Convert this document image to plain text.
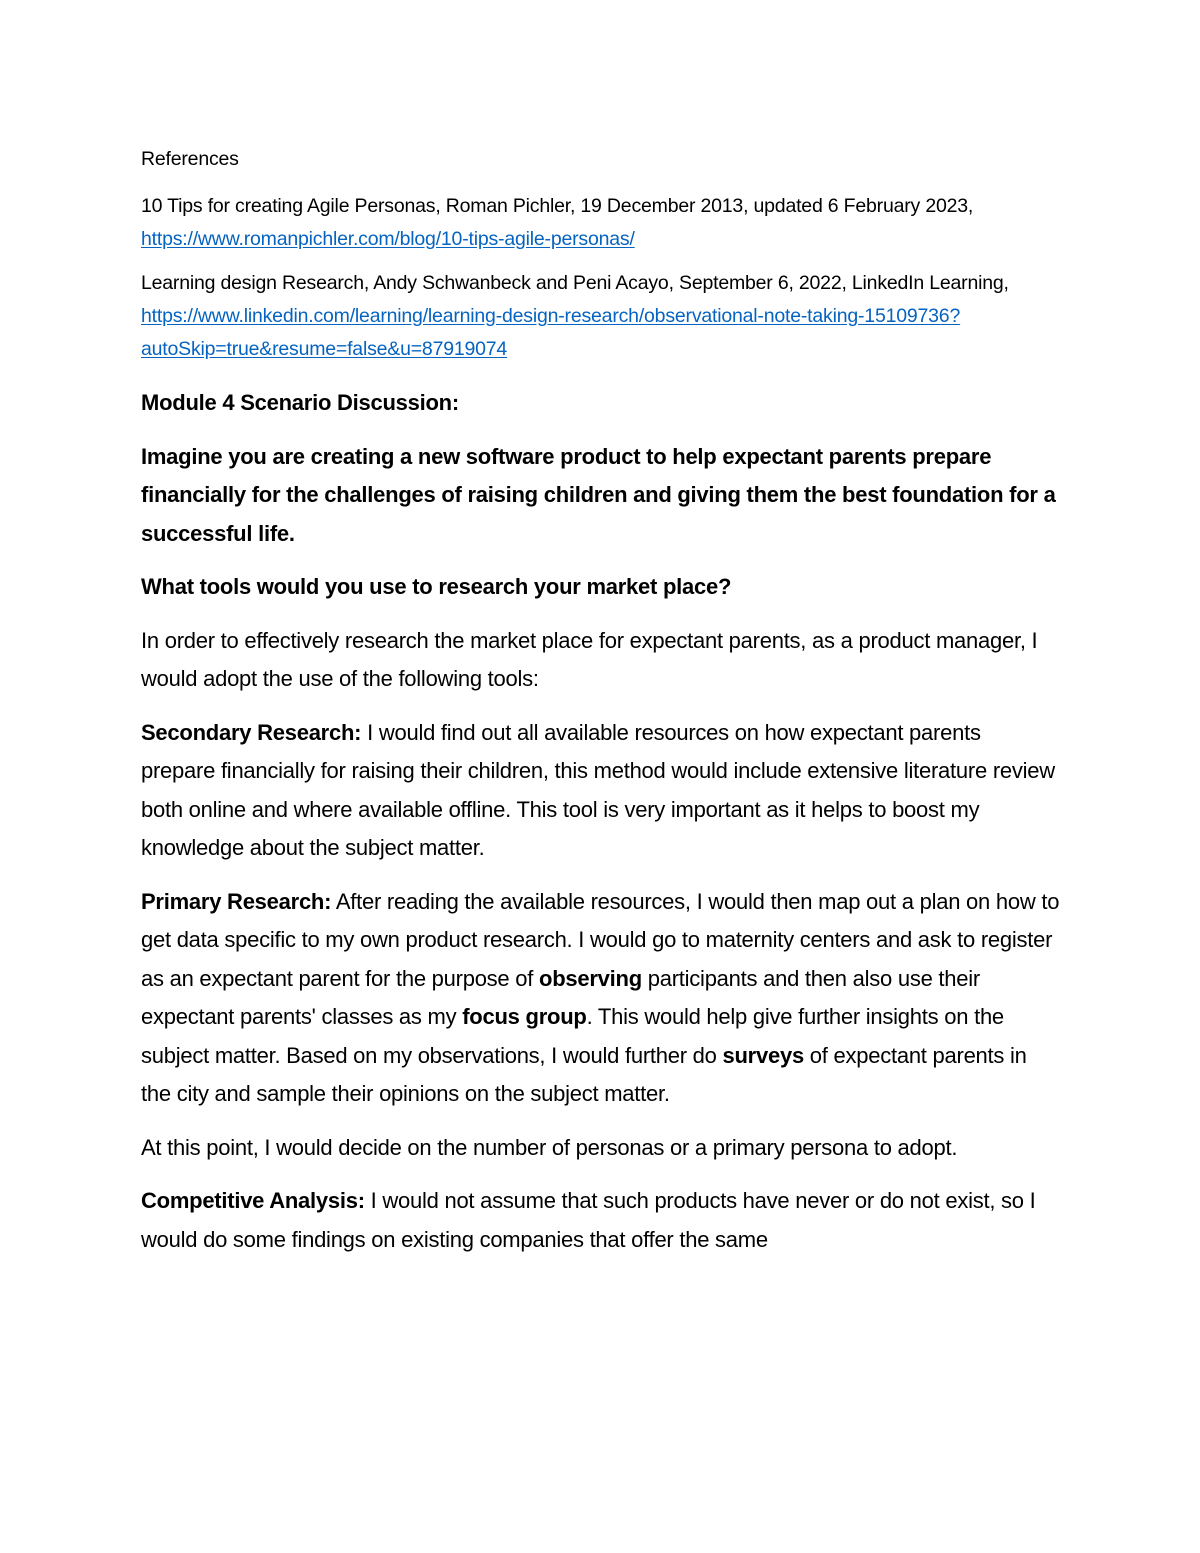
References

10 Tips for creating Agile Personas, Roman Pichler, 19 December 2013, updated 6 February 2023, https://www.romanpichler.com/blog/10-tips-agile-personas/

Learning design Research, Andy Schwanbeck and Peni Acayo, September 6, 2022, LinkedIn Learning, https://www.linkedin.com/learning/learning-design-research/observational-note-taking-15109736?autoSkip=true&resume=false&u=87919074

Module 4 Scenario Discussion:

Imagine you are creating a new software product to help expectant parents prepare financially for the challenges of raising children and giving them the best foundation for a successful life.

What tools would you use to research your market place?

In order to effectively research the market place for expectant parents, as a product manager, I would adopt the use of the following tools:

Secondary Research: I would find out all available resources on how expectant parents prepare financially for raising their children, this method would include extensive literature review both online and where available offline. This tool is very important as it helps to boost my knowledge about the subject matter.

Primary Research: After reading the available resources, I would then map out a plan on how to get data specific to my own product research. I would go to maternity centers and ask to register as an expectant parent for the purpose of observing participants and then also use their expectant parents' classes as my focus group. This would help give further insights on the subject matter. Based on my observations, I would further do surveys of expectant parents in the city and sample their opinions on the subject matter.

At this point, I would decide on the number of personas or a primary persona to adopt.

Competitive Analysis: I would not assume that such products have never or do not exist, so I would do some findings on existing companies that offer the same
